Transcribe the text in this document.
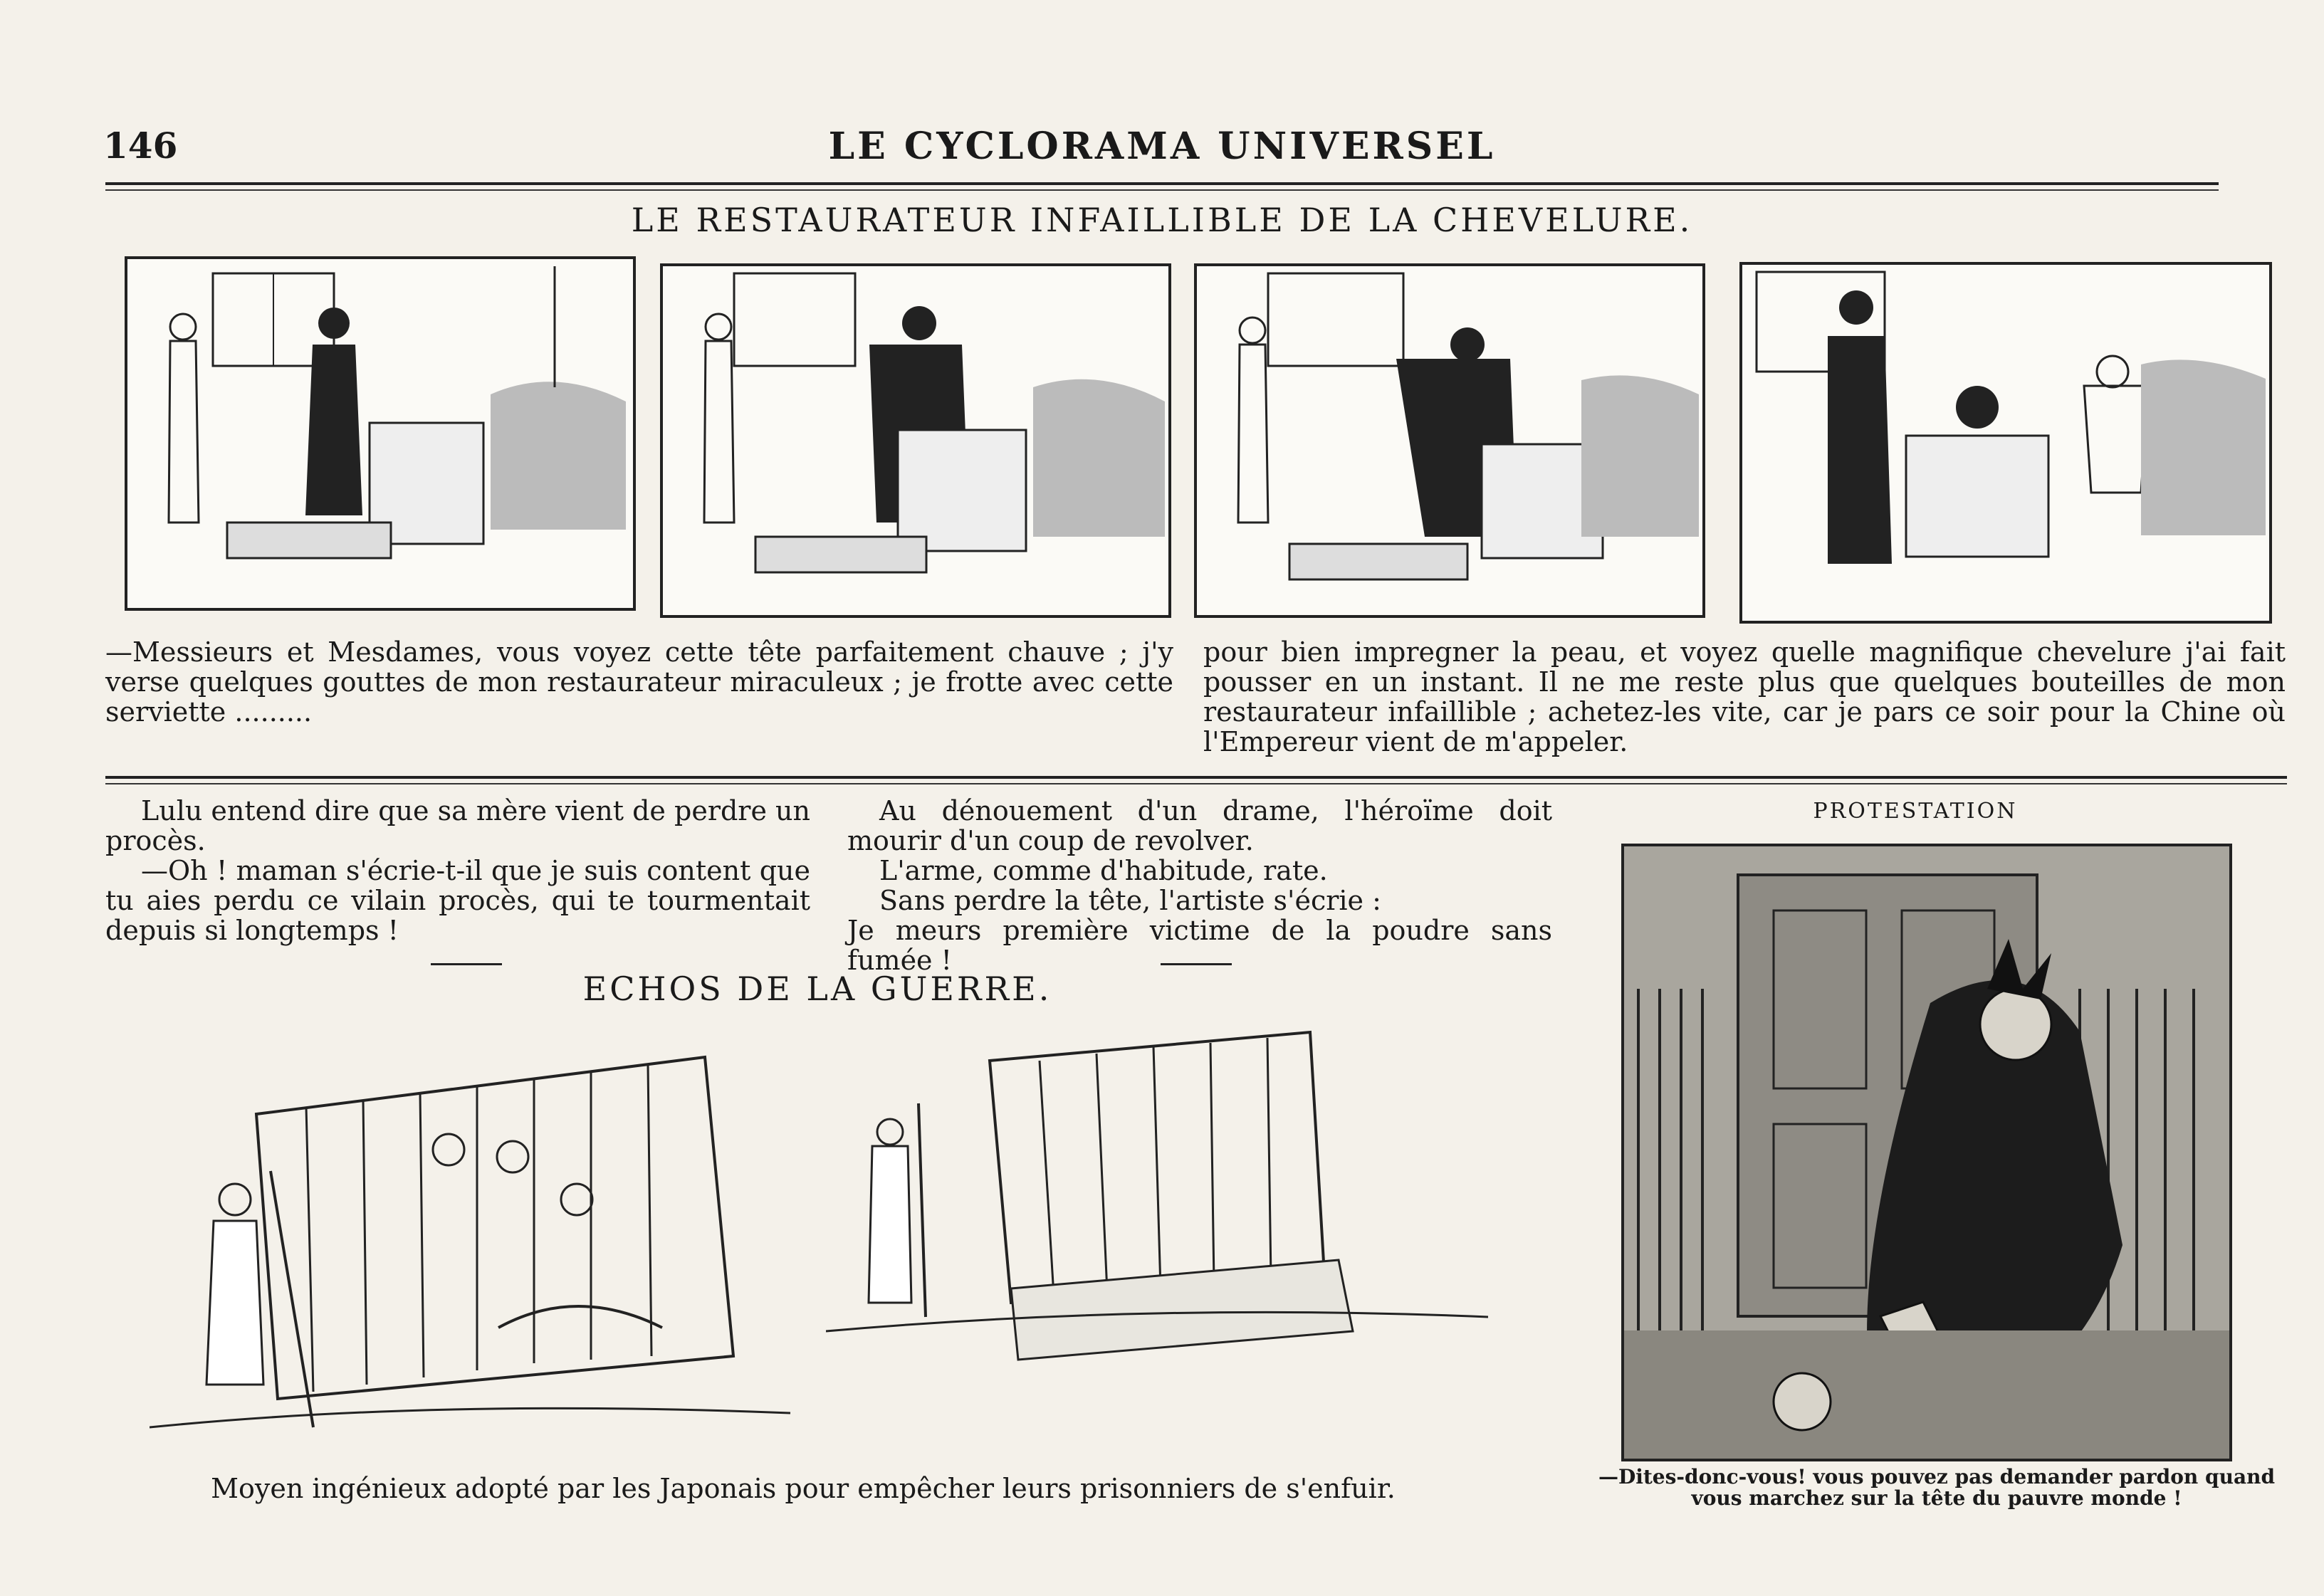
146	LE CYCLORAMA UNIVERSEL
LE RESTAURATEUR INFAILLIBLE DE LA CHEVELURE.
—Messieurs et Mesdames, vous voyez cette tête parfaitement chauve ; j'y verse quelques gouttes de mon restaurateur miraculeux ; je frotte avec cette serviette .........
pour bien impregner la peau, et voyez quelle magnifique chevelure j'ai fait pousser en un instant. Il ne me reste plus que quelques bouteilles de mon restaurateur infaillible ; achetez-les vite, car je pars ce soir pour la Chine où l'Empereur vient de m'appeler.

Lulu entend dire que sa mère vient de perdre un procès.

—Oh ! maman s'écrie-t-il que je suis content que tu aies perdu ce vilain procès, qui te tourmentait depuis si longtemps !

Au dénouement d'un drame, l'héroïme doit mourir d'un coup de revolver.

L'arme, comme d'habitude, rate.

Sans perdre la tête, l'artiste s'écrie :

Je meurs première victime de la poudre sans fumée !

ECHOS DE LA GUERRE.
Moyen ingénieux adopté par les Japonais pour empêcher leurs prisonniers de s'enfuir.
PROTESTATION
—Dites-donc-vous! vous pouvez pas demander pardon quand vous marchez sur la tête du pauvre monde !
